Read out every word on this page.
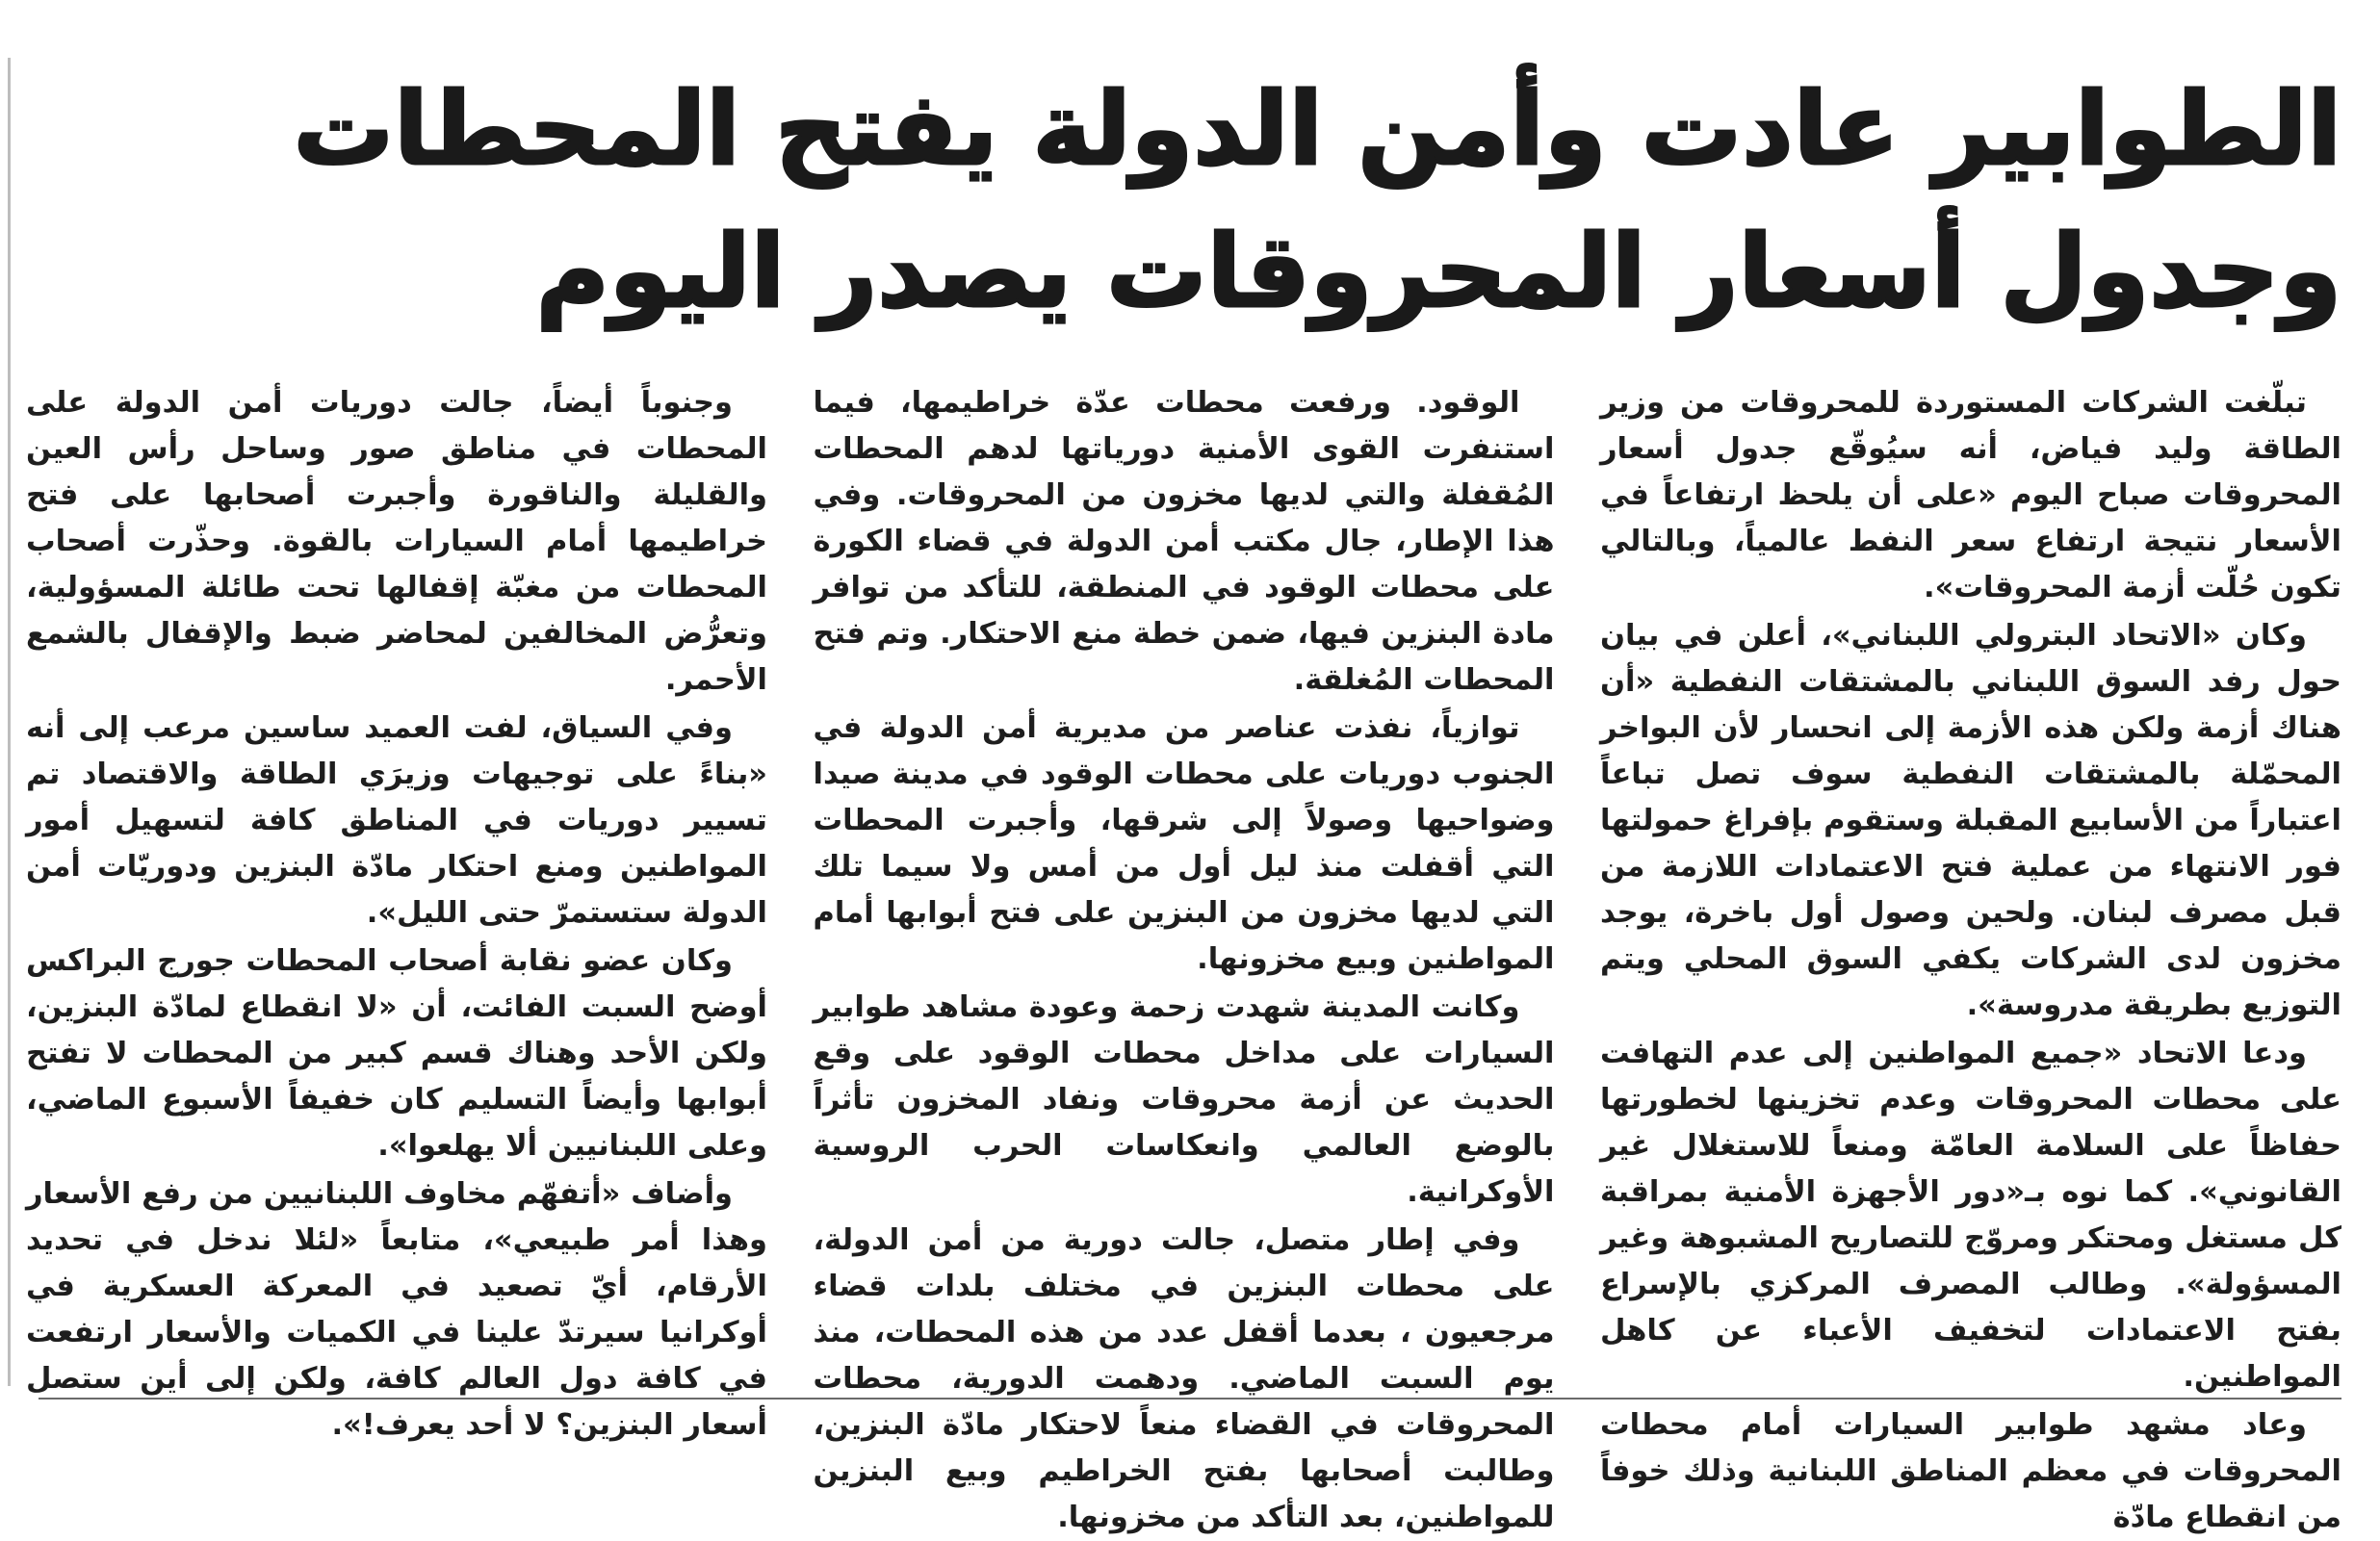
الطوابير عادت وأمن الدولة يفتح المحطات
وجدول أسعار المحروقات يصدر اليوم

تبلّغت الشركات المستوردة للمحروقات من وزير الطاقة وليد فياض، أنه سيُوقّع جدول أسعار المحروقات صباح اليوم «على أن يلحظ ارتفاعاً في الأسعار نتيجة ارتفاع سعر النفط عالمياً، وبالتالي تكون حُلّت أزمة المحروقات».

وكان «الاتحاد البترولي اللبناني»، أعلن في بيان حول رفد السوق اللبناني بالمشتقات النفطية «أن هناك أزمة ولكن هذه الأزمة إلى انحسار لأن البواخر المحمّلة بالمشتقات النفطية سوف تصل تباعاً اعتباراً من الأسابيع المقبلة وستقوم بإفراغ حمولتها فور الانتهاء من عملية فتح الاعتمادات اللازمة من قبل مصرف لبنان. ولحين وصول أول باخرة، يوجد مخزون لدى الشركات يكفي السوق المحلي ويتم التوزيع بطريقة مدروسة».

ودعا الاتحاد «جميع المواطنين إلى عدم التهافت على محطات المحروقات وعدم تخزينها لخطورتها حفاظاً على السلامة العامّة ومنعاً للاستغلال غير القانوني». كما نوه بـ«دور الأجهزة الأمنية بمراقبة كل مستغل ومحتكر ومروّج للتصاريح المشبوهة وغير المسؤولة». وطالب المصرف المركزي بالإسراع بفتح الاعتمادات لتخفيف الأعباء عن كاهل المواطنين.

وعاد مشهد طوابير السيارات أمام محطات المحروقات في معظم المناطق اللبنانية وذلك خوفاً من انقطاع مادّة

الوقود. ورفعت محطات عدّة خراطيمها، فيما استنفرت القوى الأمنية دورياتها لدهم المحطات المُقفلة والتي لديها مخزون من المحروقات. وفي هذا الإطار، جال مكتب أمن الدولة في قضاء الكورة على محطات الوقود في المنطقة، للتأكد من توافر مادة البنزين فيها، ضمن خطة منع الاحتكار. وتم فتح المحطات المُغلقة.

توازياً، نفذت عناصر من مديرية أمن الدولة في الجنوب دوريات على محطات الوقود في مدينة صيدا وضواحيها وصولاً إلى شرقها، وأجبرت المحطات التي أقفلت منذ ليل أول من أمس ولا سيما تلك التي لديها مخزون من البنزين على فتح أبوابها أمام المواطنين وبيع مخزونها.

وكانت المدينة شهدت زحمة وعودة مشاهد طوابير السيارات على مداخل محطات الوقود على وقع الحديث عن أزمة محروقات ونفاد المخزون تأثراً بالوضع العالمي وانعكاسات الحرب الروسية الأوكرانية.

وفي إطار متصل، جالت دورية من أمن الدولة، على محطات البنزين في مختلف بلدات قضاء مرجعيون ، بعدما أقفل عدد من هذه المحطات، منذ يوم السبت الماضي. ودهمت الدورية، محطات المحروقات في القضاء منعاً لاحتكار مادّة البنزين، وطالبت أصحابها بفتح الخراطيم وبيع البنزين للمواطنين، بعد التأكد من مخزونها.

وجنوباً أيضاً، جالت دوريات أمن الدولة على المحطات في مناطق صور وساحل رأس العين والقليلة والناقورة وأجبرت أصحابها على فتح خراطيمها أمام السيارات بالقوة. وحذّرت أصحاب المحطات من مغبّة إقفالها تحت طائلة المسؤولية، وتعرُّض المخالفين لمحاضر ضبط والإقفال بالشمع الأحمر.

وفي السياق، لفت العميد ساسين مرعب إلى أنه «بناءً على توجيهات وزيرَي الطاقة والاقتصاد تم تسيير دوريات في المناطق كافة لتسهيل أمور المواطنين ومنع احتكار مادّة البنزين ودوريّات أمن الدولة ستستمرّ حتى الليل».

وكان عضو نقابة أصحاب المحطات جورج البراكس أوضح السبت الفائت، أن «لا انقطاع لمادّة البنزين، ولكن الأحد وهناك قسم كبير من المحطات لا تفتح أبوابها وأيضاً التسليم كان خفيفاً الأسبوع الماضي، وعلى اللبنانيين ألا يهلعوا».

وأضاف «أتفهّم مخاوف اللبنانيين من رفع الأسعار وهذا أمر طبيعي»، متابعاً «لئلا ندخل في تحديد الأرقام، أيّ تصعيد في المعركة العسكرية في أوكرانيا سيرتدّ علينا في الكميات والأسعار ارتفعت في كافة دول العالم كافة، ولكن إلى أين ستصل أسعار البنزين؟ لا أحد يعرف!».
